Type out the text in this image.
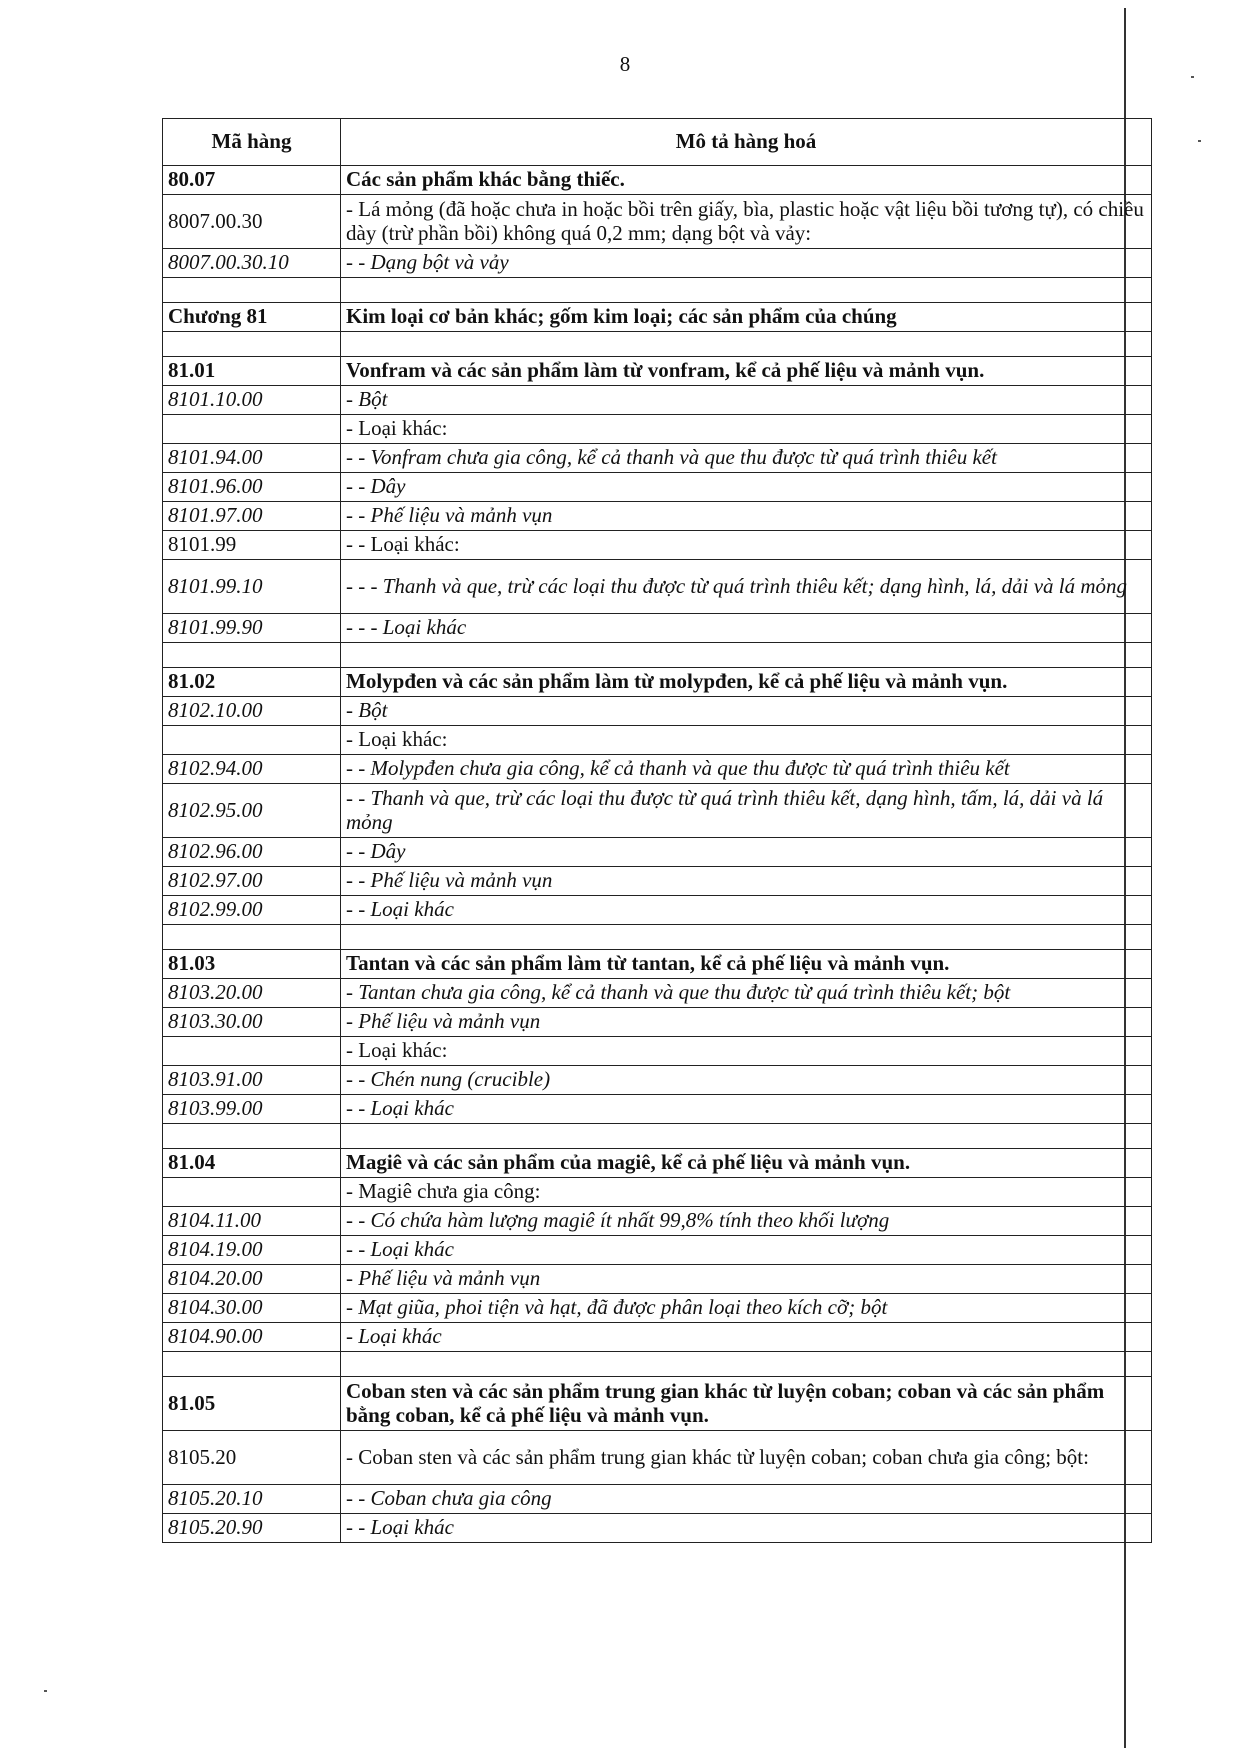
8
Mã hàng	Mô tả hàng hoá
80.07	Các sản phẩm khác bằng thiếc.
8007.00.30	- Lá mỏng (đã hoặc chưa in hoặc bồi trên giấy, bìa, plastic hoặc vật liệu bồi tương tự), có chiều dày (trừ phần bồi) không quá 0,2 mm; dạng bột và vảy:
8007.00.30.10	- - Dạng bột và vảy

Chương 81	Kim loại cơ bản khác; gốm kim loại; các sản phẩm của chúng

81.01	Vonfram và các sản phẩm làm từ vonfram, kể cả phế liệu và mảnh vụn.
8101.10.00	- Bột
	- Loại khác:
8101.94.00	- - Vonfram chưa gia công, kể cả thanh và que thu được từ quá trình thiêu kết
8101.96.00	- - Dây
8101.97.00	- - Phế liệu và mảnh vụn
8101.99	- - Loại khác:
8101.99.10	- - - Thanh và que, trừ các loại thu được từ quá trình thiêu kết; dạng hình, lá, dải và lá mỏng
8101.99.90	- - - Loại khác

81.02	Molypđen và các sản phẩm làm từ molypđen, kể cả phế liệu và mảnh vụn.
8102.10.00	- Bột
	- Loại khác:
8102.94.00	- - Molypđen chưa gia công, kể cả thanh và que thu được từ quá trình thiêu kết
8102.95.00	- - Thanh và que, trừ các loại thu được từ quá trình thiêu kết, dạng hình, tấm, lá, dải và lá mỏng
8102.96.00	- - Dây
8102.97.00	- - Phế liệu và mảnh vụn
8102.99.00	- - Loại khác

81.03	Tantan và các sản phẩm làm từ tantan, kể cả phế liệu và mảnh vụn.
8103.20.00	- Tantan chưa gia công, kể cả thanh và que thu được từ quá trình thiêu kết; bột
8103.30.00	- Phế liệu và mảnh vụn
	- Loại khác:
8103.91.00	- - Chén nung (crucible)
8103.99.00	- - Loại khác

81.04	Magiê và các sản phẩm của magiê, kể cả phế liệu và mảnh vụn.
	- Magiê chưa gia công:
8104.11.00	- - Có chứa hàm lượng magiê ít nhất 99,8% tính theo khối lượng
8104.19.00	- - Loại khác
8104.20.00	- Phế liệu và mảnh vụn
8104.30.00	- Mạt giũa, phoi tiện và hạt, đã được phân loại theo kích cỡ; bột
8104.90.00	- Loại khác

81.05	Coban sten và các sản phẩm trung gian khác từ luyện coban; coban và các sản phẩm bằng coban, kể cả phế liệu và mảnh vụn.
8105.20	- Coban sten và các sản phẩm trung gian khác từ luyện coban; coban chưa gia công; bột:
8105.20.10	- - Coban chưa gia công
8105.20.90	- - Loại khác
